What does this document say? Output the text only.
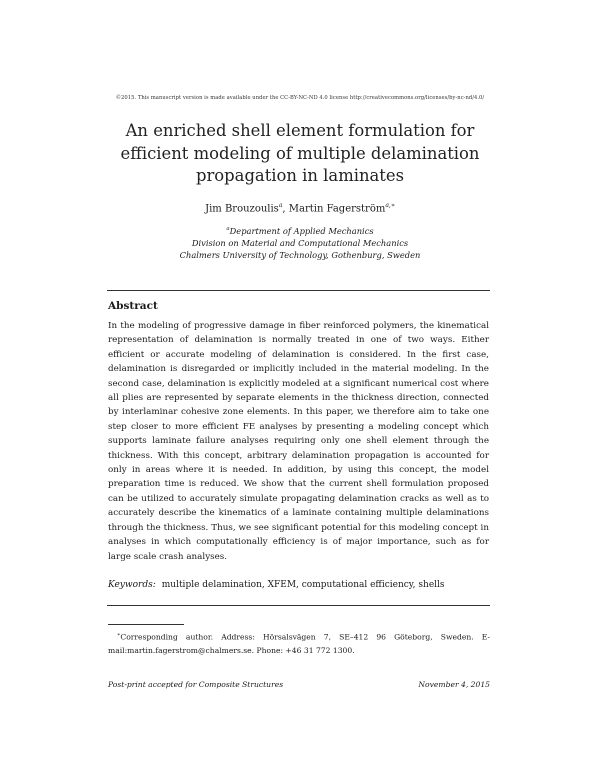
©2015. This manuscript version is made available under the CC-BY-NC-ND 4.0 license http://creativecommons.org/licenses/by-nc-nd/4.0/
An enriched shell element formulation for efficient modeling of multiple delamination propagation in laminates
Jim Brouzoulis$^a$, Martin Fagerström$^{a,∗}$
$^a$Department of Applied Mechanics
Division on Material and Computational Mechanics
Chalmers University of Technology, Gothenburg, Sweden
Abstract
In the modeling of progressive damage in fiber reinforced polymers, the kinematical representation of delamination is normally treated in one of two ways. Either efficient or accurate modeling of delamination is considered. In the first case, delamination is disregarded or implicitly included in the material modeling. In the second case, delamination is explicitly modeled at a significant numerical cost where all plies are represented by separate elements in the thickness direction, connected by interlaminar cohesive zone elements. In this paper, we therefore aim to take one step closer to more efficient FE analyses by presenting a modeling concept which supports laminate failure analyses requiring only one shell element through the thickness. With this concept, arbitrary delamination propagation is accounted for only in areas where it is needed. In addition, by using this concept, the model preparation time is reduced. We show that the current shell formulation proposed can be utilized to accurately simulate propagating delamination cracks as well as to accurately describe the kinematics of a laminate containing multiple delaminations through the thickness. Thus, we see significant potential for this modeling concept in analyses in which computationally efficiency is of major importance, such as for large scale crash analyses.
Keywords: multiple delamination, XFEM, computational efficiency, shells
∗Corresponding author. Address: Hörsalsvägen 7, SE–412 96 Göteborg, Sweden. E-mail:martin.fagerstrom@chalmers.se. Phone: +46 31 772 1300.
Post-print accepted for Composite Structures	November 4, 2015
